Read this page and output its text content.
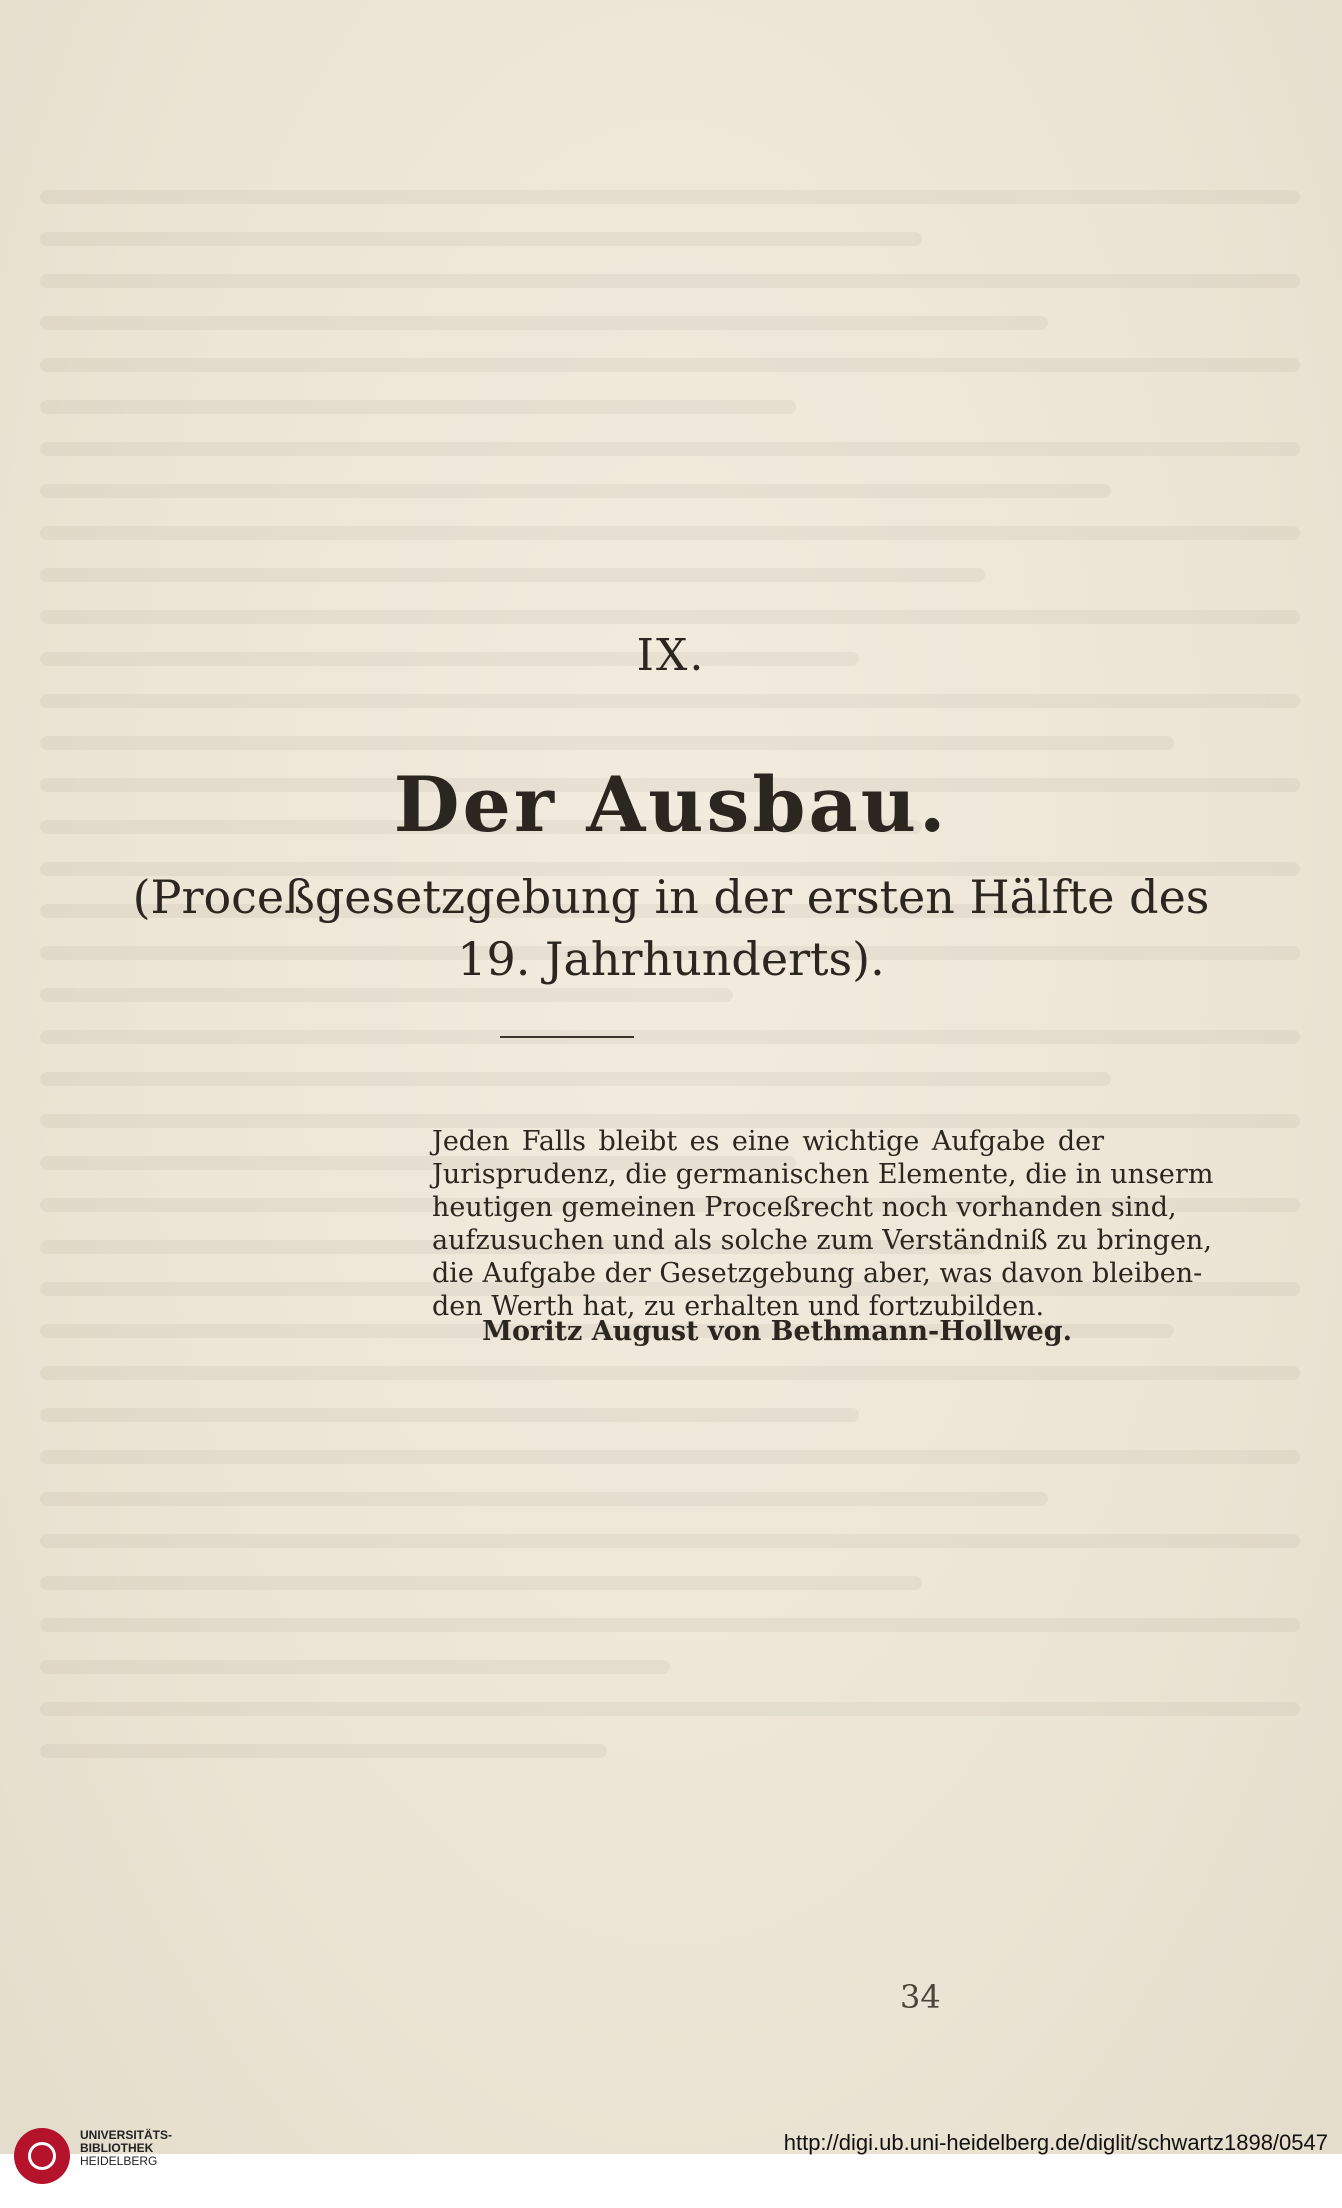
IX.
Der Ausbau.
(Proceßgesetzgebung in der ersten Hälfte des
19. Jahrhunderts).
Jeden Falls bleibt es eine wichtige Aufgabe der
Jurisprudenz, die germanischen Elemente, die in unserm
heutigen gemeinen Proceßrecht noch vorhanden sind,
aufzusuchen und als solche zum Verständniß zu bringen,
die Aufgabe der Gesetzgebung aber, was davon bleiben-
den Werth hat, zu erhalten und fortzubilden.
Moritz August von Bethmann-Hollweg.
34
UNIVERSITÄTS-
BIBLIOTHEK
HEIDELBERG
http://digi.ub.uni-heidelberg.de/diglit/schwartz1898/0547
